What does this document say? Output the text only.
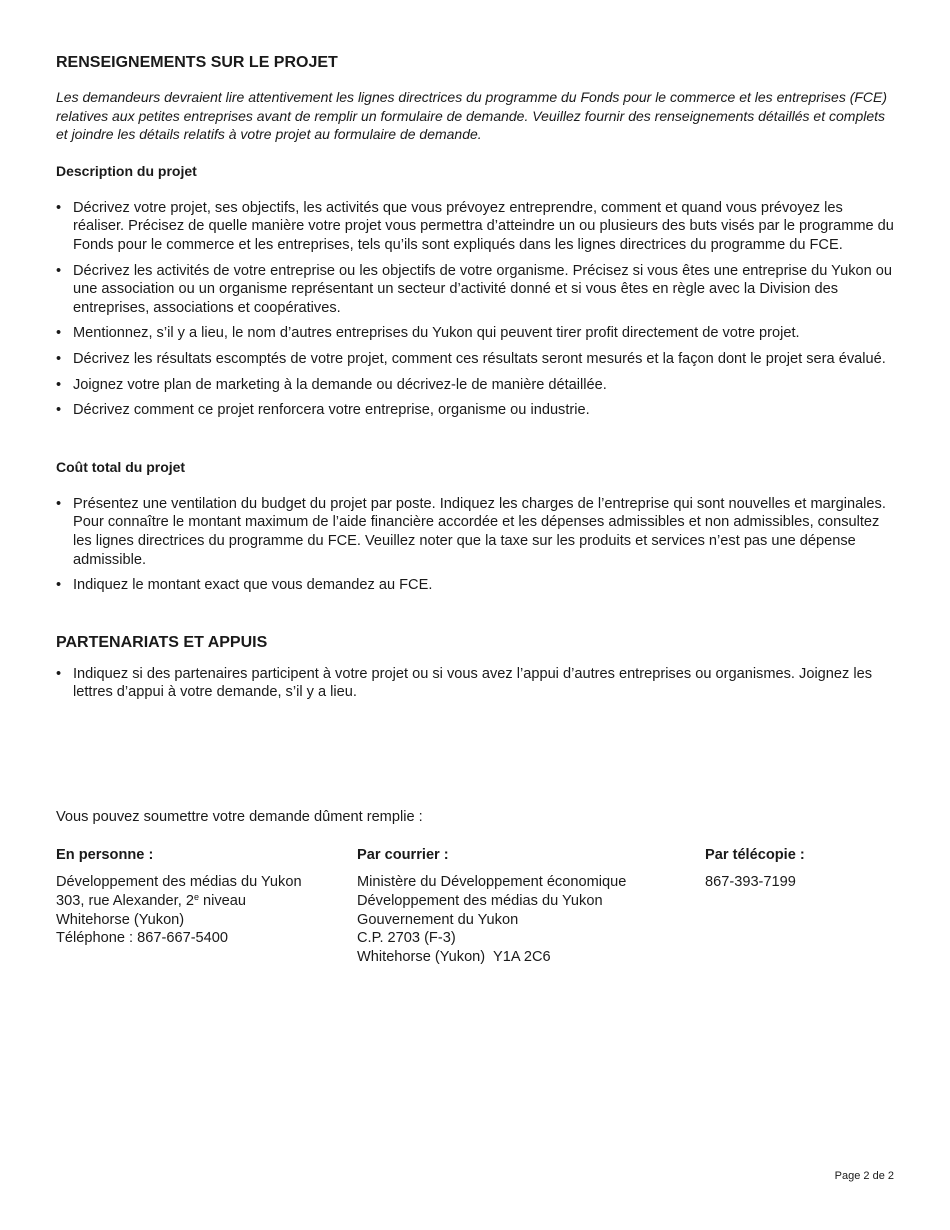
RENSEIGNEMENTS SUR LE PROJET

Les demandeurs devraient lire attentivement les lignes directrices du programme du Fonds pour le commerce et les entreprises (FCE) relatives aux petites entreprises avant de remplir un formulaire de demande. Veuillez fournir des renseignements détaillés et complets et joindre les détails relatifs à votre projet au formulaire de demande.

Description du projet
• Décrivez votre projet, ses objectifs, les activités que vous prévoyez entreprendre, comment et quand vous prévoyez les réaliser. Précisez de quelle manière votre projet vous permettra d’atteindre un ou plusieurs des buts visés par le programme du Fonds pour le commerce et les entreprises, tels qu’ils sont expliqués dans les lignes directrices du programme du FCE.
• Décrivez les activités de votre entreprise ou les objectifs de votre organisme. Précisez si vous êtes une entreprise du Yukon ou une association ou un organisme représentant un secteur d’activité donné et si vous êtes en règle avec la Division des entreprises, associations et coopératives.
• Mentionnez, s’il y a lieu, le nom d’autres entreprises du Yukon qui peuvent tirer profit directement de votre projet.
• Décrivez les résultats escomptés de votre projet, comment ces résultats seront mesurés et la façon dont le projet sera évalué.
• Joignez votre plan de marketing à la demande ou décrivez-le de manière détaillée.
• Décrivez comment ce projet renforcera votre entreprise, organisme ou industrie.
Coût total du projet
• Présentez une ventilation du budget du projet par poste. Indiquez les charges de l’entreprise qui sont nouvelles et marginales. Pour connaître le montant maximum de l’aide financière accordée et les dépenses admissibles et non admissibles, consultez les lignes directrices du programme du FCE. Veuillez noter que la taxe sur les produits et services n’est pas une dépense admissible.
• Indiquez le montant exact que vous demandez au FCE.
PARTENARIATS ET APPUIS
• Indiquez si des partenaires participent à votre projet ou si vous avez l’appui d’autres entreprises ou organismes. Joignez les lettres d’appui à votre demande, s’il y a lieu.

Vous pouvez soumettre votre demande dûment remplie :

En personne :
Développement des médias du Yukon
303, rue Alexander, 2e niveau
Whitehorse (Yukon)
Téléphone : 867-667-5400
Par courrier :
Ministère du Développement économique
Développement des médias du Yukon
Gouvernement du Yukon
C.P. 2703 (F-3)
Whitehorse (Yukon)  Y1A 2C6
Par télécopie :
867-393-7199
Page 2 de 2
